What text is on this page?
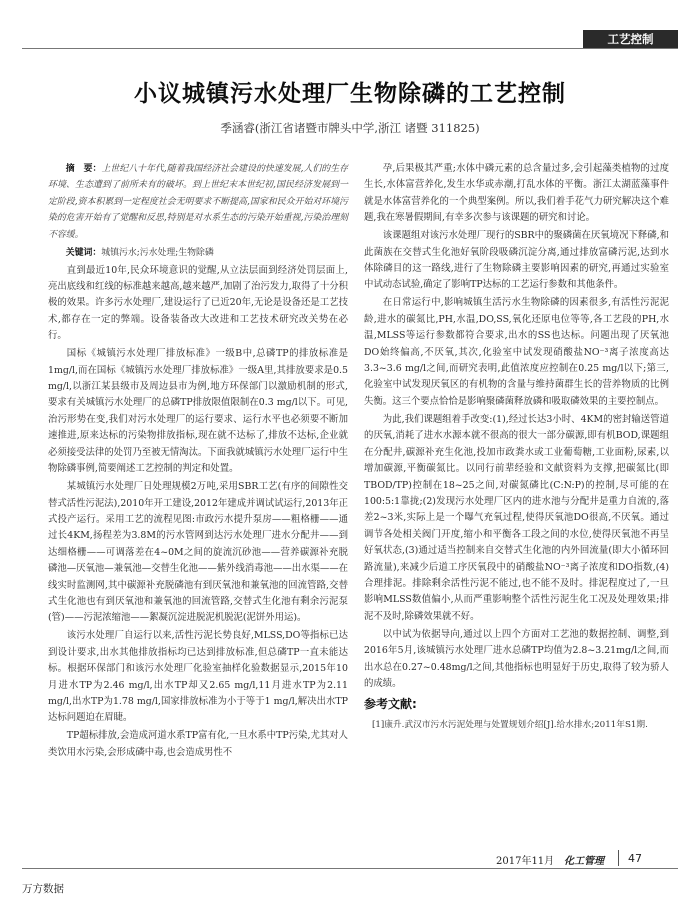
工艺控制
小议城镇污水处理厂生物除磷的工艺控制
季涵睿(浙江省诸暨市牌头中学,浙江 诸暨 311825)

摘　要：上世纪八十年代,随着我国经济社会建设的快速发展,人们的生存环境、生态遭到了前所未有的破坏。到上世纪末本世纪初,国民经济发展到一定阶段,资本积累到一定程度社会无明要求不断提高,国家和民众开始对环境污染的危害开始有了觉醒和反思,特别是对水系生态的污染开始重视,污染治理刻不容缓。

关键词：城镇污水;污水处理;生物除磷

直到最近10年,民众环境意识的觉醒,从立法层面到经济处罚层面上,亮出底线和红线的标准越来越高,越来越严,加剧了治污发力,取得了十分积极的效果。许多污水处理厂,建设运行了已近20年,无论是设备还是工艺技术,都存在一定的弊端。设备装备改大改进和工艺技术研究改关势在必行。

国标《城镇污水处理厂排放标准》一级B中,总磷TP的排放标准是1mg/l,而在国标《城镇污水处理厂排放标准》一级A里,其排放要求是0.5 mg/l,以浙江某县级市及周边县市为例,地方环保部门以激励机制的形式,要求有关城镇污水处理厂的总磷TP排放限值限制在0.3 mg/l以下。可见,治污形势在变,我们对污水处理厂的运行要求、运行水平也必须要不断加速推进,原来达标的污染物排放指标,现在就不达标了,排放不达标,企业就必须接受法律的处罚乃至被无情淘汰。下面我就城镇污水处理厂运行中生物除磷事例,简要阐述工艺控制的判定和处置。

某城镇污水处理厂日处理规模2万吨,采用SBR工艺(有序的间隙性交替式活性污泥法),2010年开工建设,2012年建成并调试试运行,2013年正式投产运行。采用工艺的流程见图:市政污水提升泵房——粗格栅——通过长4KM,扬程差为3.8M的污水管网到达污水处理厂进水分配井——到达细格栅——可调落差在4~0M之间的旋流沉砂池——营养碳源补充脱磷池—厌氧池—兼氧池—交替生化池——紫外线消毒池——出水渠——在线实时监测网,其中碳源补充脱磷池有到厌氧池和兼氧池的回流管路,交替式生化池也有到厌氧池和兼氧池的回流管路,交替式生化池有剩余污泥泵(管)——污泥浓缩池——絮凝沉淀进脱泥机脱泥(泥饼外用运)。

该污水处理厂自运行以来,活性污泥长势良好,MLSS,DO等指标已达到设计要求,出水其他排放指标均已达到排放标准,但总磷TP一直未能达标。根据环保部门和该污水处理厂化验室抽样化验数据显示,2015年10月进水TP为2.46 mg/l,出水TP却又2.65 mg/l,11月进水TP为2.11 mg/l,出水TP为1.78 mg/l,国家排放标准为小于等于1 mg/l,解决出水TP达标问题迫在眉睫。

TP超标排放,会造成河道水系TP富有化,一旦水系中TP污染,尤其对人类饮用水污染,会形成磷中毒,也会造成男性不

孕,后果极其严重;水体中磷元素的总含量过多,会引起藻类植物的过度生长,水体富营养化,发生水华或赤潮,打乱水体的平衡。浙江太湖蓝藻事件就是水体富营养化的一个典型案例。所以,我们着手花气力研究解决这个难题,我在寒暑假期间,有幸多次参与该课题的研究和讨论。

该课题组对该污水处理厂现行的SBR中的聚磷菌在厌氧境况下释磷,和此菌族在交替式生化池好氧阶段吸磷沉淀分离,通过排放富磷污泥,达到水体除磷目的这一路线,进行了生物除磷主要影响因素的研究,再通过实验室中试动态试验,确定了影响TP达标的工艺运行参数和其他条件。

在日常运行中,影响城镇生活污水生物除磷的因素很多,有活性污泥泥龄,进水的碳氮比,PH,水温,DO,SS,氧化还原电位等等,各工艺段的PH,水温,MLSS等运行参数都符合要求,出水的SS也达标。问题出现了厌氧池DO始终偏高,不厌氧,其次,化验室中试发现硝酸盐NO⁻³离子浓度高达3.3~3.6 mg/l之间,而研究表明,此值浓度应控制在0.25 mg/l以下;第三,化验室中试发现厌氧区的有机物的含量与维持菌群生长的营养物质的比例失衡。这三个要点恰恰是影响聚磷菌释放磷和吸取磷效果的主要控制点。

为此,我们课题组着手改变:(1),经过长达3小时、4KM的密封输送管道的厌氧,消耗了进水水源本就不很高的很大一部分碳源,即有机BOD,课题组在分配井,碳源补充生化池,投加市政粪水或工业葡萄糖,工业面粉,尿素,以增加碳源,平衡碳氮比。以同行前辈经验和文献资料为支撑,把碳氮比(即TBOD/TP)控制在18~25之间,对碳氮磷比(C:N:P)的控制,尽可能的在100:5:1靠拢;(2)发现污水处理厂区内的进水池与分配井是重力自流的,落差2~3米,实际上是一个曝气充氧过程,使得厌氧池DO很高,不厌氧。通过调节各处相关阀门开度,缩小和平衡各工段之间的水位,使得厌氧池不再呈好氧状态,(3)通过适当控制来自交替式生化池的内外回流量(即大小循环回路流量),来减少后道工序厌氧段中的硝酸盐NO⁻³离子浓度和DO指数,(4)合理排泥。排除剩余活性污泥不能过,也不能不及时。排泥程度过了,一旦影响MLSS数值偏小,从而严重影响整个活性污泥生化工况及处理效果;排泥不及时,除磷效果就不好。

以中试为依据导向,通过以上四个方面对工艺池的数据控制、调整,到2016年5月,该城镇污水处理厂进水总磷TP均值为2.8~3.21mg/l之间,而出水总在0.27~0.48mg/l之间,其他指标也明显好于历史,取得了较为骄人的成绩。

参考文献:
[1]康升.武汉市污水污泥处理与处置规划介绍[J].给水排水;2011年S1期.
2017年11月 化工管理 47
万方数据
